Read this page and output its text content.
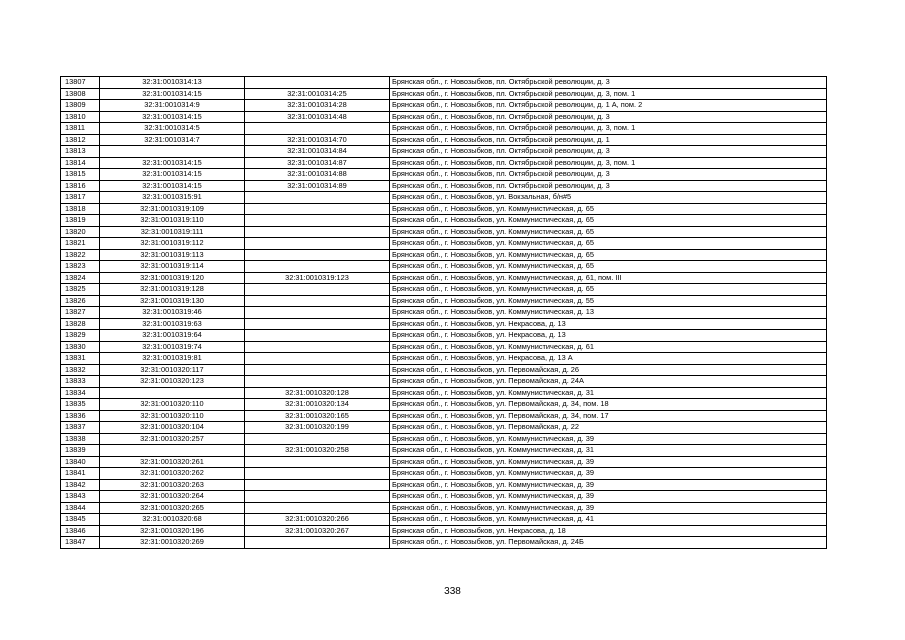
13807	32:31:0010314:13		Брянская обл., г. Новозыбков, пл. Октябрьской революции, д. 3
13808	32:31:0010314:15	32:31:0010314:25	Брянская обл., г. Новозыбков, пл. Октябрьской революции, д. 3, пом. 1
13809	32:31:0010314:9	32:31:0010314:28	Брянская обл., г. Новозыбков, пл. Октябрьской революции, д. 1 А, пом. 2
13810	32:31:0010314:15	32:31:0010314:48	Брянская обл., г. Новозыбков, пл. Октябрьской революции, д. 3
13811	32:31:0010314:5		Брянская обл., г. Новозыбков, пл. Октябрьской революции, д. 3, пом. 1
13812	32:31:0010314:7	32:31:0010314:70	Брянская обл., г. Новозыбков, пл. Октябрьской революции, д. 1
13813		32:31:0010314:84	Брянская обл., г. Новозыбков, пл. Октябрьской революции, д. 3
13814	32:31:0010314:15	32:31:0010314:87	Брянская обл., г. Новозыбков, пл. Октябрьской революции, д. 3, пом. 1
13815	32:31:0010314:15	32:31:0010314:88	Брянская обл., г. Новозыбков, пл. Октябрьской революции, д. 3
13816	32:31:0010314:15	32:31:0010314:89	Брянская обл., г. Новозыбков, пл. Октябрьской революции, д. 3
13817	32:31:0010315:91		Брянская обл., г. Новозыбков, ул. Вокзальная, б/н#5
13818	32:31:0010319:109		Брянская обл., г. Новозыбков, ул. Коммунистическая, д. 65
13819	32:31:0010319:110		Брянская обл., г. Новозыбков, ул. Коммунистическая, д. 65
13820	32:31:0010319:111		Брянская обл., г. Новозыбков, ул. Коммунистическая, д. 65
13821	32:31:0010319:112		Брянская обл., г. Новозыбков, ул. Коммунистическая, д. 65
13822	32:31:0010319:113		Брянская обл., г. Новозыбков, ул. Коммунистическая, д. 65
13823	32:31:0010319:114		Брянская обл., г. Новозыбков, ул. Коммунистическая, д. 65
13824	32:31:0010319:120	32:31:0010319:123	Брянская обл., г. Новозыбков, ул. Коммунистическая, д. 61, пом. III
13825	32:31:0010319:128		Брянская обл., г. Новозыбков, ул. Коммунистическая, д. 65
13826	32:31:0010319:130		Брянская обл., г. Новозыбков, ул. Коммунистическая, д. 55
13827	32:31:0010319:46		Брянская обл., г. Новозыбков, ул. Коммунистическая, д. 13
13828	32:31:0010319:63		Брянская обл., г. Новозыбков, ул. Некрасова, д. 13
13829	32:31:0010319:64		Брянская обл., г. Новозыбков, ул. Некрасова, д. 13
13830	32:31:0010319:74		Брянская обл., г. Новозыбков, ул. Коммунистическая, д. 61
13831	32:31:0010319:81		Брянская обл., г. Новозыбков, ул. Некрасова, д. 13 А
13832	32:31:0010320:117		Брянская обл., г. Новозыбков, ул. Первомайская, д. 26
13833	32:31:0010320:123		Брянская обл., г. Новозыбков, ул. Первомайская, д. 24А
13834		32:31:0010320:128	Брянская обл., г. Новозыбков, ул. Коммунистическая, д. 31
13835	32:31:0010320:110	32:31:0010320:134	Брянская обл., г. Новозыбков, ул. Первомайская, д. 34, пом. 18
13836	32:31:0010320:110	32:31:0010320:165	Брянская обл., г. Новозыбков, ул. Первомайская, д. 34, пом. 17
13837	32:31:0010320:104	32:31:0010320:199	Брянская обл., г. Новозыбков, ул. Первомайская, д. 22
13838	32:31:0010320:257		Брянская обл., г. Новозыбков, ул. Коммунистическая, д. 39
13839		32:31:0010320:258	Брянская обл., г. Новозыбков, ул. Коммунистическая, д. 31
13840	32:31:0010320:261		Брянская обл., г. Новозыбков, ул. Коммунистическая, д. 39
13841	32:31:0010320:262		Брянская обл., г. Новозыбков, ул. Коммунистическая, д. 39
13842	32:31:0010320:263		Брянская обл., г. Новозыбков, ул. Коммунистическая, д. 39
13843	32:31:0010320:264		Брянская обл., г. Новозыбков, ул. Коммунистическая, д. 39
13844	32:31:0010320:265		Брянская обл., г. Новозыбков, ул. Коммунистическая, д. 39
13845	32:31:0010320:68	32:31:0010320:266	Брянская обл., г. Новозыбков, ул. Коммунистическая, д. 41
13846	32:31:0010320:196	32:31:0010320:267	Брянская обл., г. Новозыбков, ул. Некрасова, д. 18
13847	32:31:0010320:269		Брянская обл., г. Новозыбков, ул. Первомайская, д. 24Б
338
